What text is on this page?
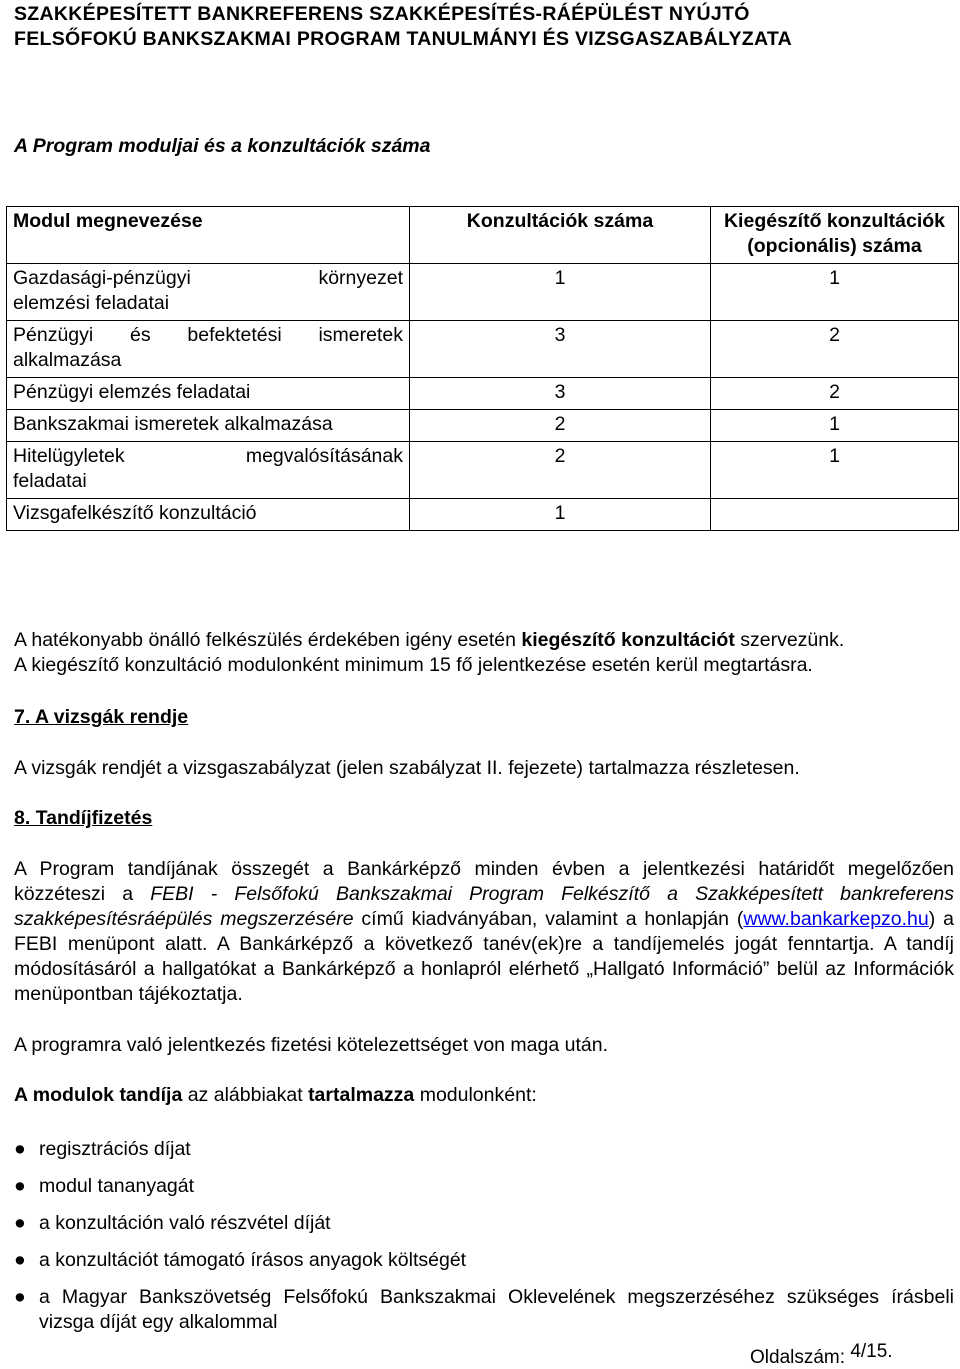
SZAKKÉPESÍTETT BANKREFERENS SZAKKÉPESÍTÉS-RÁÉPÜLÉST NYÚJTÓ
FELSŐFOKÚ BANKSZAKMAI PROGRAM TANULMÁNYI ÉS VIZSGASZABÁLYZATA
A Program moduljai és a konzultációk száma
Modul megnevezése	Konzultációk száma	Kiegészítő konzultációk (opcionális) száma
Gazdasági-pénzügyi környezet
elemzési feladatai	1	1
Pénzügyi és befektetési ismeretek
alkalmazása	3	2
Pénzügyi elemzés feladatai	3	2
Bankszakmai ismeretek alkalmazása	2	1
Hitelügyletek megvalósításának
feladatai	2	1
Vizsgafelkészítő konzultáció	1	
A hatékonyabb önálló felkészülés érdekében igény esetén kiegészítő konzultációt szervezünk.
A kiegészítő konzultáció modulonként minimum 15 fő jelentkezése esetén kerül megtartásra.
7. A vizsgák rendje
A vizsgák rendjét a vizsgaszabályzat (jelen szabályzat II. fejezete) tartalmazza részletesen.
8. Tandíjfizetés
A Program tandíjának összegét a Bankárképző minden évben a jelentkezési határidőt megelőzően közzéteszi a FEBI - Felsőfokú Bankszakmai Program Felkészítő a Szakképesített bankreferens szakképesítésráépülés megszerzésére című kiadványában, valamint a honlapján (www.bankarkepzo.hu) a FEBI menüpont alatt. A Bankárképző a következő tanév(ek)re a tandíjemelés jogát fenntartja. A tandíj módosításáról a hallgatókat a Bankárképző a honlapról elérhető „Hallgató Információ” belül az Információk menüpontban tájékoztatja.
A programra való jelentkezés fizetési kötelezettséget von maga után.
A modulok tandíja az alábbiakat tartalmazza modulonként:
● regisztrációs díjat
● modul tananyagát
● a konzultáción való részvétel díját
● a konzultációt támogató írásos anyagok költségét
● a Magyar Bankszövetség Felsőfokú Bankszakmai Oklevelének megszerzéséhez szükséges írásbeli vizsga díját egy alkalommal
Oldalszám: $^{4/15.}$
